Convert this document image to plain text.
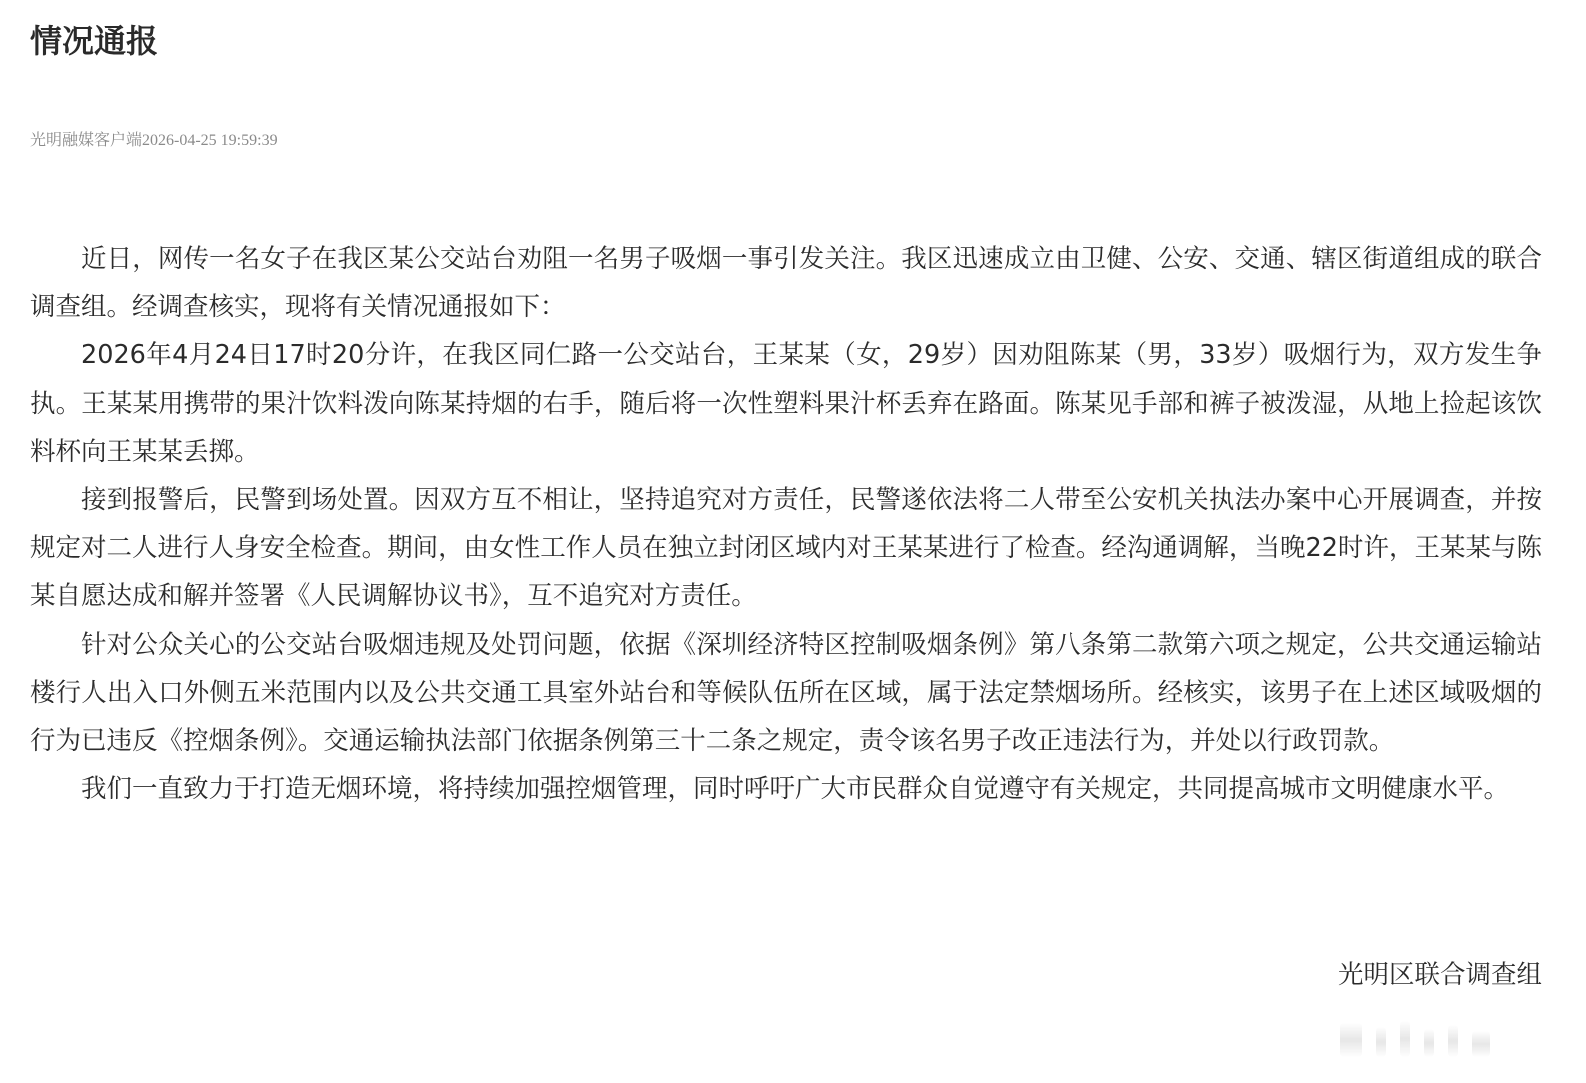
情况通报
光明融媒客户端2026-04-25 19:59:39

近日，网传一名女子在我区某公交站台劝阻一名男子吸烟一事引发关注。我区迅速成立由卫健、公安、交通、辖区街道组成的联合调查组。经调查核实，现将有关情况通报如下：

2026年4月24日17时20分许，在我区同仁路一公交站台，王某某（女，29岁）因劝阻陈某（男，33岁）吸烟行为，双方发生争执。王某某用携带的果汁饮料泼向陈某持烟的右手，随后将一次性塑料果汁杯丢弃在路面。陈某见手部和裤子被泼湿，从地上捡起该饮料杯向王某某丢掷。

接到报警后，民警到场处置。因双方互不相让，坚持追究对方责任，民警遂依法将二人带至公安机关执法办案中心开展调查，并按规定对二人进行人身安全检查。期间，由女性工作人员在独立封闭区域内对王某某进行了检查。经沟通调解，当晚22时许，王某某与陈某自愿达成和解并签署《人民调解协议书》，互不追究对方责任。

针对公众关心的公交站台吸烟违规及处罚问题，依据《深圳经济特区控制吸烟条例》第八条第二款第六项之规定，公共交通运输站楼行人出入口外侧五米范围内以及公共交通工具室外站台和等候队伍所在区域，属于法定禁烟场所。经核实，该男子在上述区域吸烟的行为已违反《控烟条例》。交通运输执法部门依据条例第三十二条之规定，责令该名男子改正违法行为，并处以行政罚款。

我们一直致力于打造无烟环境，将持续加强控烟管理，同时呼吁广大市民群众自觉遵守有关规定，共同提高城市文明健康水平。

光明区联合调查组
